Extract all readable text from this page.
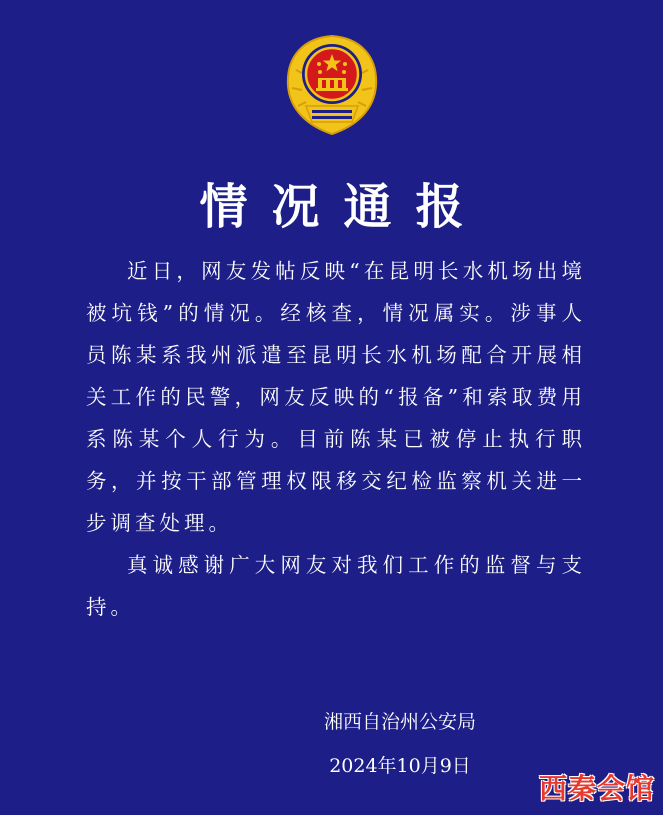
情况通报

近日，网友发帖反映“在昆明长水机场出境被坑钱”的情况。经核查，情况属实。涉事人员陈某系我州派遣至昆明长水机场配合开展相关工作的民警，网友反映的“报备”和索取费用系陈某个人行为。目前陈某已被停止执行职务，并按干部管理权限移交纪检监察机关进一步调查处理。

真诚感谢广大网友对我们工作的监督与支持。

湘西自治州公安局
2024年10月9日
西秦会馆
